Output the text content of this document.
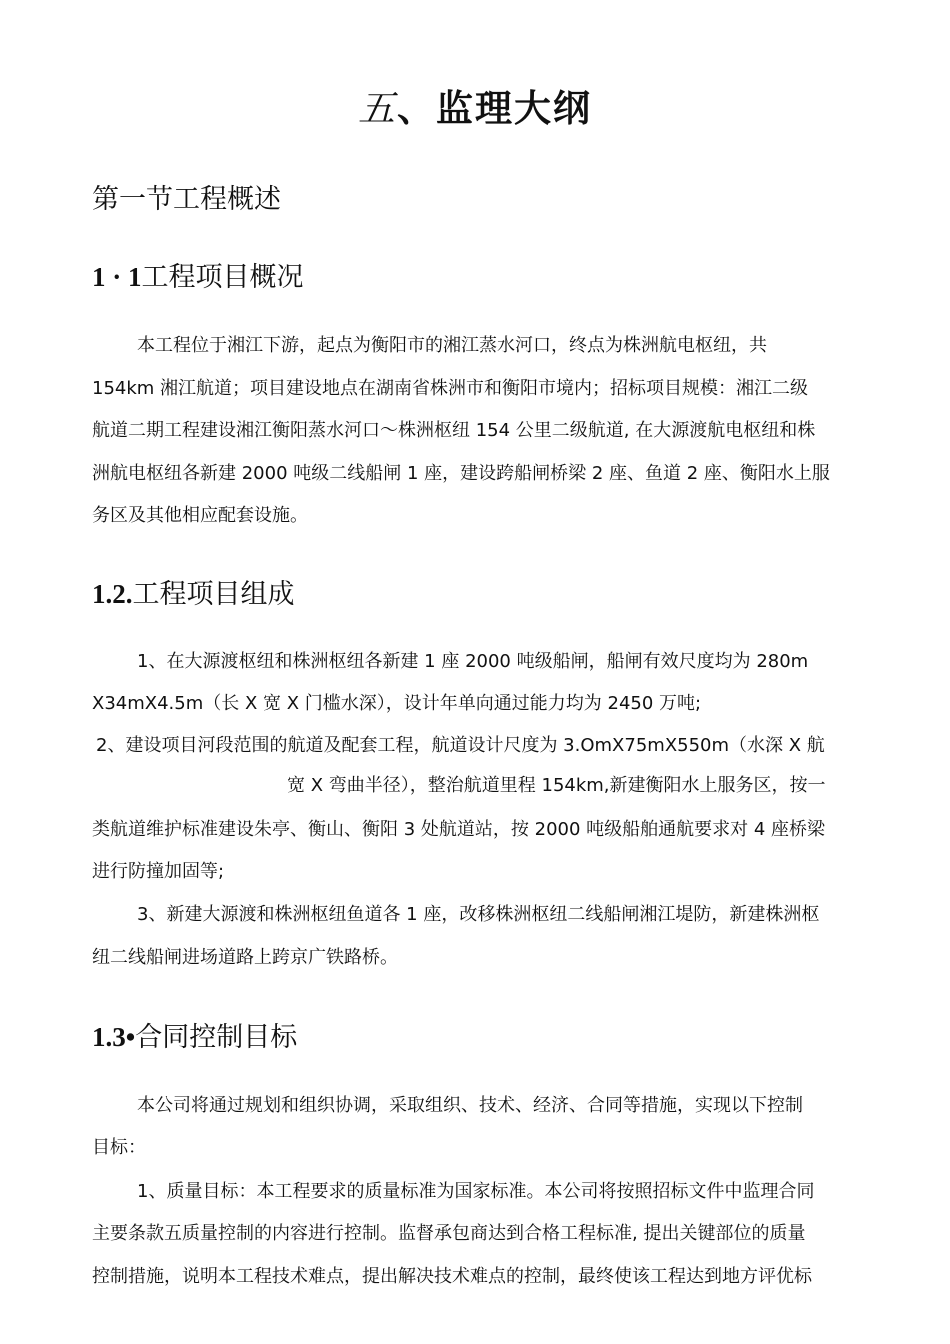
五、监理大纲
第一节工程概述
1 · 1工程项目概况
本工程位于湘江下游，起点为衡阳市的湘江蒸水河口，终点为株洲航电枢纽，共
154km 湘江航道；项目建设地点在湖南省株洲市和衡阳市境内；招标项目规模：湘江二级
航道二期工程建设湘江衡阳蒸水河口～株洲枢纽 154 公里二级航道, 在大源渡航电枢纽和株
洲航电枢纽各新建 2000 吨级二线船闸 1 座，建设跨船闸桥梁 2 座、鱼道 2 座、衡阳水上服
务区及其他相应配套设施。
1.2.工程项目组成
1、在大源渡枢纽和株洲枢纽各新建 1 座 2000 吨级船闸，船闸有效尺度均为 280m
X34mX4.5m（长 X 宽 X 门槛水深），设计年单向通过能力均为 2450 万吨;
2、建设项目河段范围的航道及配套工程，航道设计尺度为 3.OmX75mX550m（水深 X 航
宽 X 弯曲半径），整治航道里程 154km,新建衡阳水上服务区，按一
类航道维护标准建设朱亭、衡山、衡阳 3 处航道站，按 2000 吨级船舶通航要求对 4 座桥梁
进行防撞加固等;
3、新建大源渡和株洲枢纽鱼道各 1 座，改移株洲枢纽二线船闸湘江堤防，新建株洲枢
纽二线船闸进场道路上跨京广铁路桥。
1.3•合同控制目标
本公司将通过规划和组织协调，采取组织、技术、经济、合同等措施，实现以下控制
目标：
1、质量目标：本工程要求的质量标准为国家标准。本公司将按照招标文件中监理合同
主要条款五质量控制的内容进行控制。监督承包商达到合格工程标准, 提出关键部位的质量
控制措施，说明本工程技术难点，提出解决技术难点的控制，最终使该工程达到地方评优标
